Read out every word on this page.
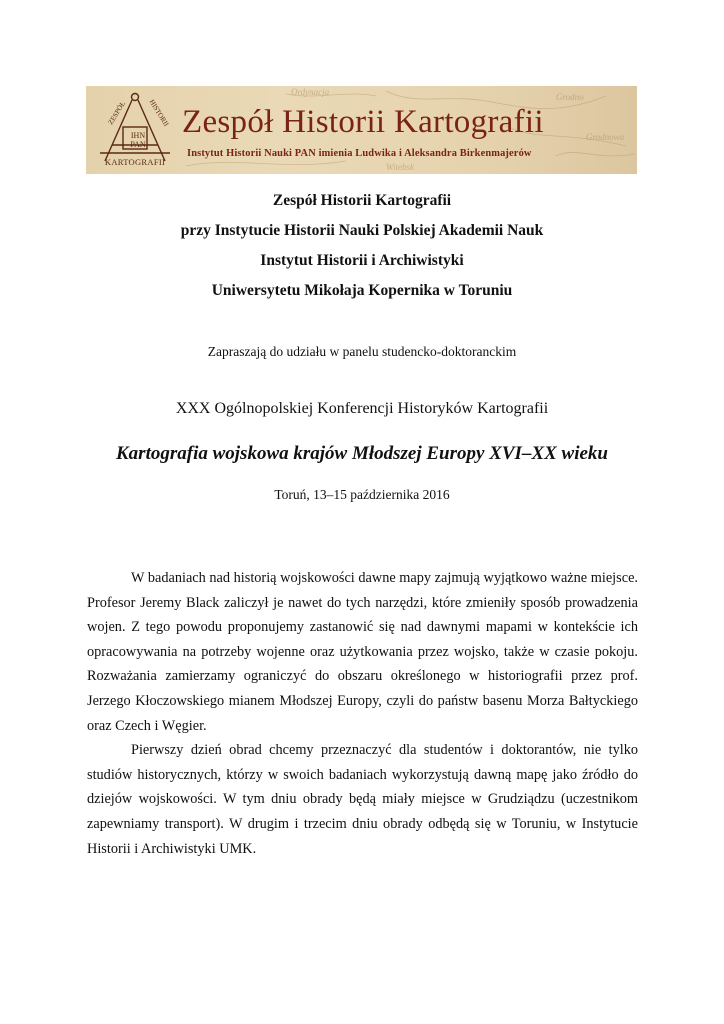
Ordynacja	Grodno
Grodnowa
Witebsk
ZESPÓŁ	HISTORII
IHN
PAN
KARTOGRAFII
Zespół Historii Kartografii

Instytut Historii Nauki PAN imienia Ludwika i Aleksandra Birkenmajerów

Zespół Historii Kartografii

przy Instytucie Historii Nauki Polskiej Akademii Nauk

Instytut Historii i Archiwistyki

Uniwersytetu Mikołaja Kopernika w Toruniu

Zapraszają do udziału w panelu studencko-doktoranckim

XXX Ogólnopolskiej Konferencji Historyków Kartografii

Kartografia wojskowa krajów Młodszej Europy XVI–XX wieku

Toruń, 13–15 października 2016

W badaniach nad historią wojskowości dawne mapy zajmują wyjątkowo ważne miejsce. Profesor Jeremy Black zaliczył je nawet do tych narzędzi, które zmieniły sposób prowadzenia wojen. Z tego powodu proponujemy zastanowić się nad dawnymi mapami w kontekście ich opracowywania na potrzeby wojenne oraz użytkowania przez wojsko, także w czasie pokoju. Rozważania zamierzamy ograniczyć do obszaru określonego w historiografii przez prof. Jerzego Kłoczowskiego mianem Młodszej Europy, czyli do państw basenu Morza Bałtyckiego oraz Czech i Węgier.

Pierwszy dzień obrad chcemy przeznaczyć dla studentów i doktorantów, nie tylko studiów historycznych, którzy w swoich badaniach wykorzystują dawną mapę jako źródło do dziejów wojskowości. W tym dniu obrady będą miały miejsce w Grudziądzu (uczestnikom zapewniamy transport). W drugim i trzecim dniu obrady odbędą się w Toruniu, w Instytucie Historii i Archiwistyki UMK.
